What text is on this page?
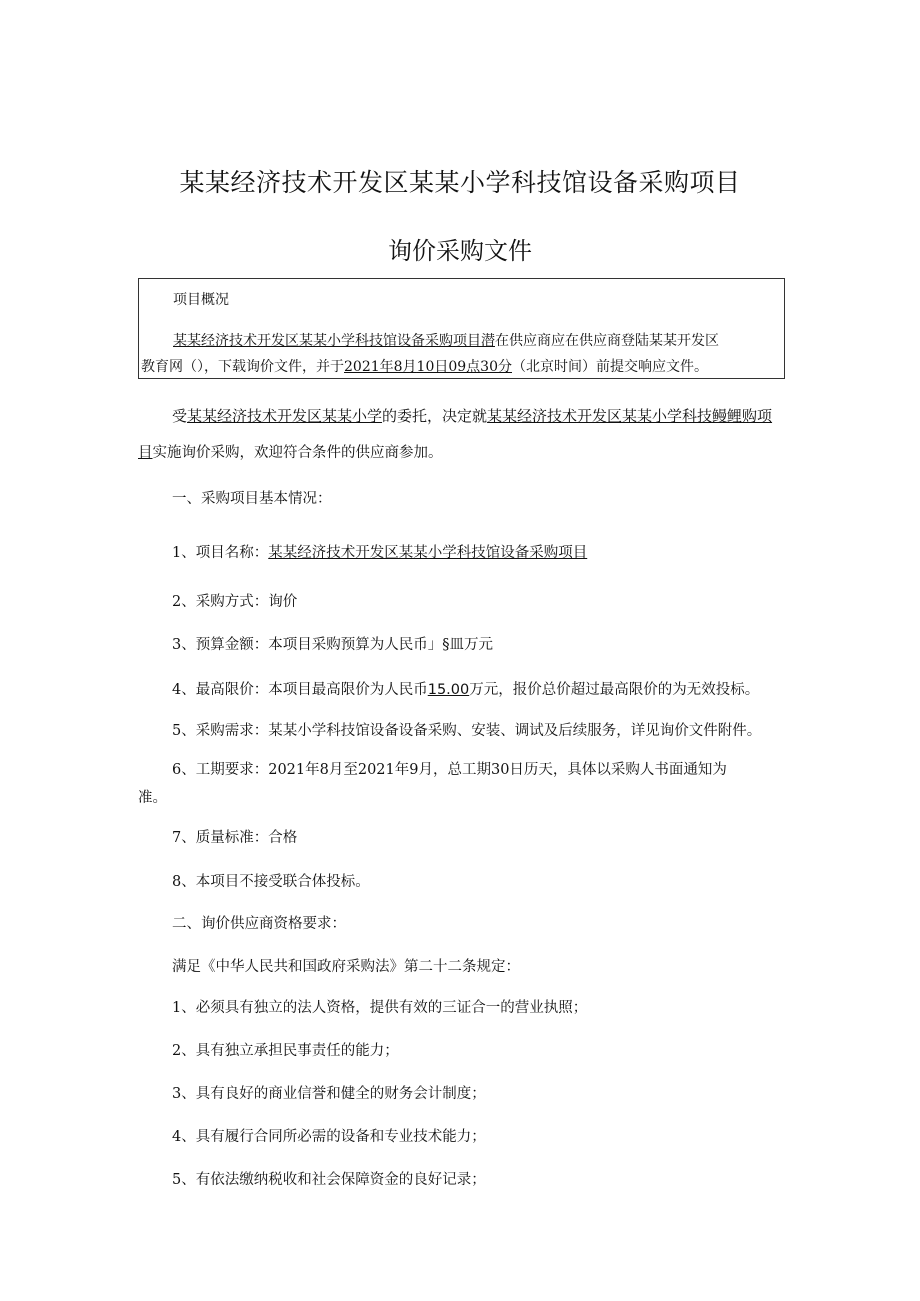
某某经济技术开发区某某小学科技馆设备采购项目
询价采购文件
项目概况
某某经济技术开发区某某小学科技馆设备采购项目潜在供应商应在供应商登陆某某开发区
教育网（），下载询价文件，并于2021年8月10日09点30分（北京时间）前提交响应文件。
受某某经济技术开发区某某小学的委托，决定就某某经济技术开发区某某小学科技鳗鲤购项
目实施询价采购，欢迎符合条件的供应商参加。
一、采购项目基本情况：
1、项目名称：某某经济技术开发区某某小学科技馆设备采购项目
2、采购方式：询价
3、预算金额：本项目采购预算为人民币」§皿万元
4、最高限价：本项目最高限价为人民币15.00万元，报价总价超过最高限价的为无效投标。
5、采购需求：某某小学科技馆设备设备采购、安装、调试及后续服务，详见询价文件附件。
6、工期要求：2021年8月至2021年9月，总工期30日历天，具体以采购人书面通知为
准。
7、质量标准：合格
8、本项目不接受联合体投标。
二、询价供应商资格要求：
满足《中华人民共和国政府采购法》第二十二条规定：
1、必须具有独立的法人资格，提供有效的三证合一的营业执照；
2、具有独立承担民事责任的能力；
3、具有良好的商业信誉和健全的财务会计制度；
4、具有履行合同所必需的设备和专业技术能力；
5、有依法缴纳税收和社会保障资金的良好记录；
